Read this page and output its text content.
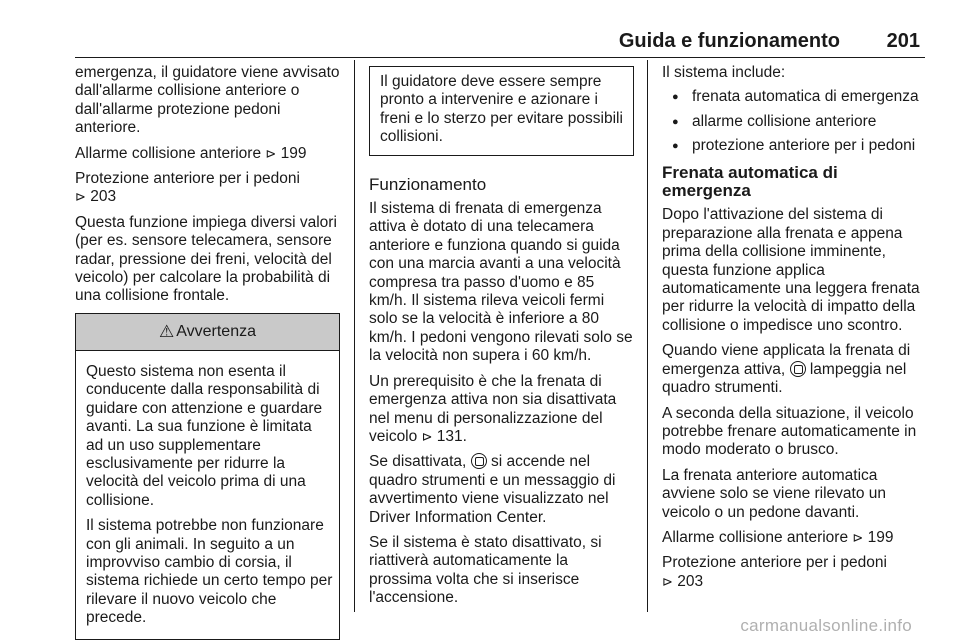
Guida e funzionamento 201

emergenza, il guidatore viene avvisato dall'allarme collisione anteriore o dall'allarme protezione pedoni anteriore.

Allarme collisione anteriore ⊳ 199

Protezione anteriore per i pedoni
⊳ 203

Questa funzione impiega diversi valori (per es. sensore telecamera, sensore radar, pressione dei freni, velocità del veicolo) per calcolare la probabilità di una collisione frontale.

⚠ Avvertenza

Questo sistema non esenta il conducente dalla responsabilità di guidare con attenzione e guardare avanti. La sua funzione è limitata ad un uso supplementare esclusivamente per ridurre la velocità del veicolo prima di una collisione.

Il sistema potrebbe non funzionare con gli animali. In seguito a un improvviso cambio di corsia, il sistema richiede un certo tempo per rilevare il nuovo veicolo che precede.

Il guidatore deve essere sempre pronto a intervenire e azionare i freni e lo sterzo per evitare possibili collisioni.
Funzionamento

Il sistema di frenata di emergenza attiva è dotato di una telecamera anteriore e funziona quando si guida con una marcia avanti a una velocità compresa tra passo d'uomo e 85 km/h. Il sistema rileva veicoli fermi solo se la velocità è inferiore a 80 km/h. I pedoni vengono rilevati solo se la velocità non supera i 60 km/h.

Un prerequisito è che la frenata di emergenza attiva non sia disattivata nel menu di personalizzazione del veicolo ⊳ 131.

Se disattivata, si accende nel quadro strumenti e un messaggio di avvertimento viene visualizzato nel Driver Information Center.

Se il sistema è stato disattivato, si riattiverà automaticamente la prossima volta che si inserisce l'accensione.

Il sistema include:

● frenata automatica di emergenza
● allarme collisione anteriore
● protezione anteriore per i pedoni
Frenata automatica di emergenza

Dopo l'attivazione del sistema di preparazione alla frenata e appena prima della collisione imminente, questa funzione applica automaticamente una leggera frenata per ridurre la velocità di impatto della collisione o impedisce uno scontro.

Quando viene applicata la frenata di emergenza attiva, lampeggia nel quadro strumenti.

A seconda della situazione, il veicolo potrebbe frenare automaticamente in modo moderato o brusco.

La frenata anteriore automatica avviene solo se viene rilevato un veicolo o un pedone davanti.

Allarme collisione anteriore ⊳ 199

Protezione anteriore per i pedoni
⊳ 203

carmanualsonline.info
